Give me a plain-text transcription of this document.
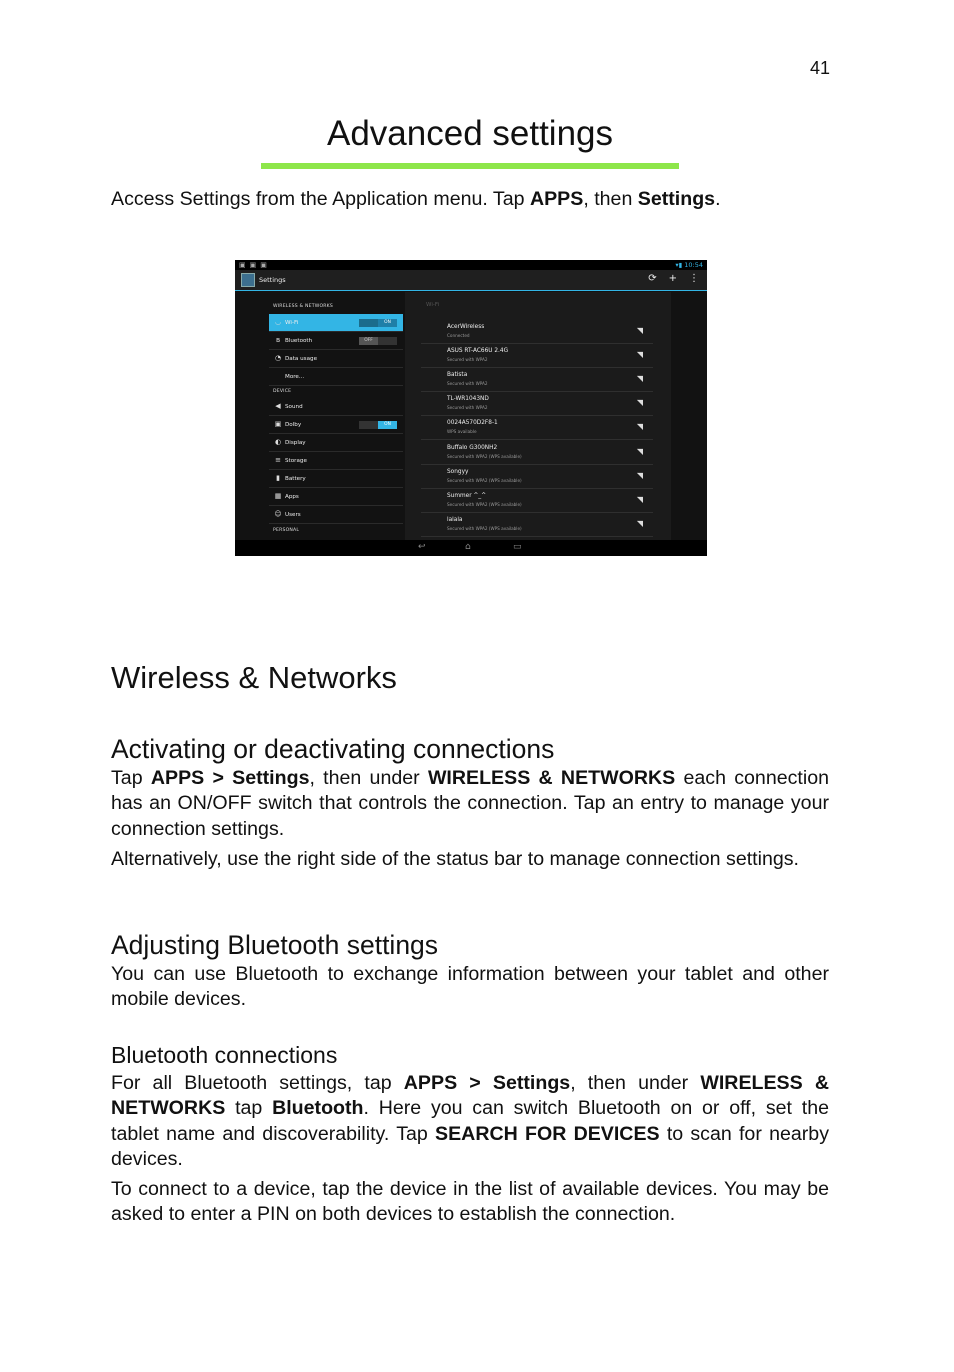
41
Advanced settings

Access Settings from the Application menu. Tap APPS, then Settings.

▣▣▣	▾▮ 10:54
Settings	⟳ + ⋮
WIRELESS & NETWORKS
◡ Wi-Fi	ON
ʙ Bluetooth	OFF
◔ Data usage
More...
◀ Sound
▣ Dolby	ON
◐ Display
≡ Storage
▮ Battery
▦ Apps
☺ Users
DEVICE
PERSONAL
Wi-Fi
AcerWireless
Connected
◥
ASUS RT-AC66U 2.4G
Secured with WPA2
◥
Batista
Secured with WPA2
◥
TL-WR1043ND
Secured with WPA2
◥
0024A570D2F8-1
WPS available
◥
Buffalo G300NH2
Secured with WPA2 (WPS available)
◥
Songyy
Secured with WPA2 (WPS available)
◥
Summer ^_^
Secured with WPA2 (WPS available)
◥
lalala
Secured with WPA2 (WPS available)
◥
↩	⌂	▭
Wireless & Networks
Activating or deactivating connections

Tap APPS > Settings, then under WIRELESS & NETWORKS each connection has an ON/OFF switch that controls the connection. Tap an entry to manage your connection settings.

Alternatively, use the right side of the status bar to manage connection settings.

Adjusting Bluetooth settings

You can use Bluetooth to exchange information between your tablet and other mobile devices.

Bluetooth connections

For all Bluetooth settings, tap APPS > Settings, then under WIRELESS & NETWORKS tap Bluetooth. Here you can switch Bluetooth on or off, set the tablet name and discoverability. Tap SEARCH FOR DEVICES to scan for nearby devices.

To connect to a device, tap the device in the list of available devices. You may be asked to enter a PIN on both devices to establish the connection.
